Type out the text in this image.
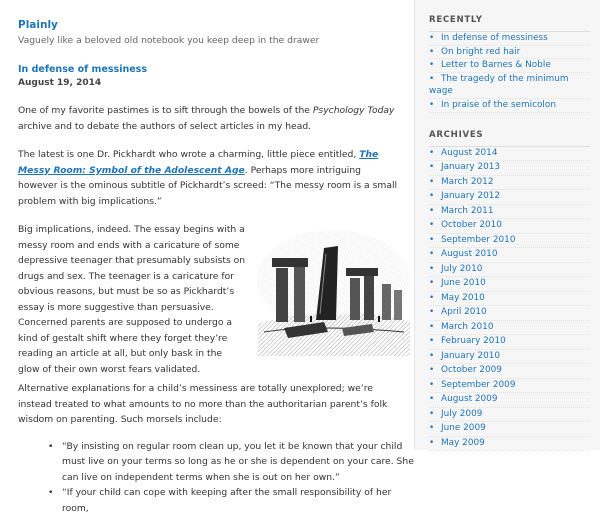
Plainly
Vaguely like a beloved old notebook you keep deep in the drawer
In defense of messiness
August 19, 2014

One of my favorite pastimes is to sift through the bowels of the Psychology Today archive and to debate the authors of select articles in my head.

The latest is one Dr. Pickhardt who wrote a charming, little piece entitled, The Messy Room: Symbol of the Adolescent Age. Perhaps more intriguing however is the ominous subtitle of Pickhardt’s screed: “The messy room is a small problem with big implications.”

Big implications, indeed. The essay begins with a messy room and ends with a caricature of some depressive teenager that presumably subsists on drugs and sex. The teenager is a caricature for obvious reasons, but must be so as Pickhardt’s essay is more suggestive than persuasive. Concerned parents are supposed to undergo a kind of gestalt shift where they forget they’re reading an article at all, but only bask in the glow of their own worst fears validated.

Alternative explanations for a child’s messiness are totally unexplored; we’re instead treated to what amounts to no more than the authoritarian parent’s folk wisdom on parenting. Such morsels include:

• “By insisting on regular room clean up, you let it be known that your child must live on your terms so long as he or she is dependent on your care. She can live on independent terms when she is out on her own.”
• “If your child can cope with keeping after the small responsibility of her room,
RECENTLY
• In defense of messiness
• On bright red hair
• Letter to Barnes & Noble
• The tragedy of the minimum wage
• In praise of the semicolon
ARCHIVES
• August 2014
• January 2013
• March 2012
• January 2012
• March 2011
• October 2010
• September 2010
• August 2010
• July 2010
• June 2010
• May 2010
• April 2010
• March 2010
• February 2010
• January 2010
• October 2009
• September 2009
• August 2009
• July 2009
• June 2009
• May 2009
